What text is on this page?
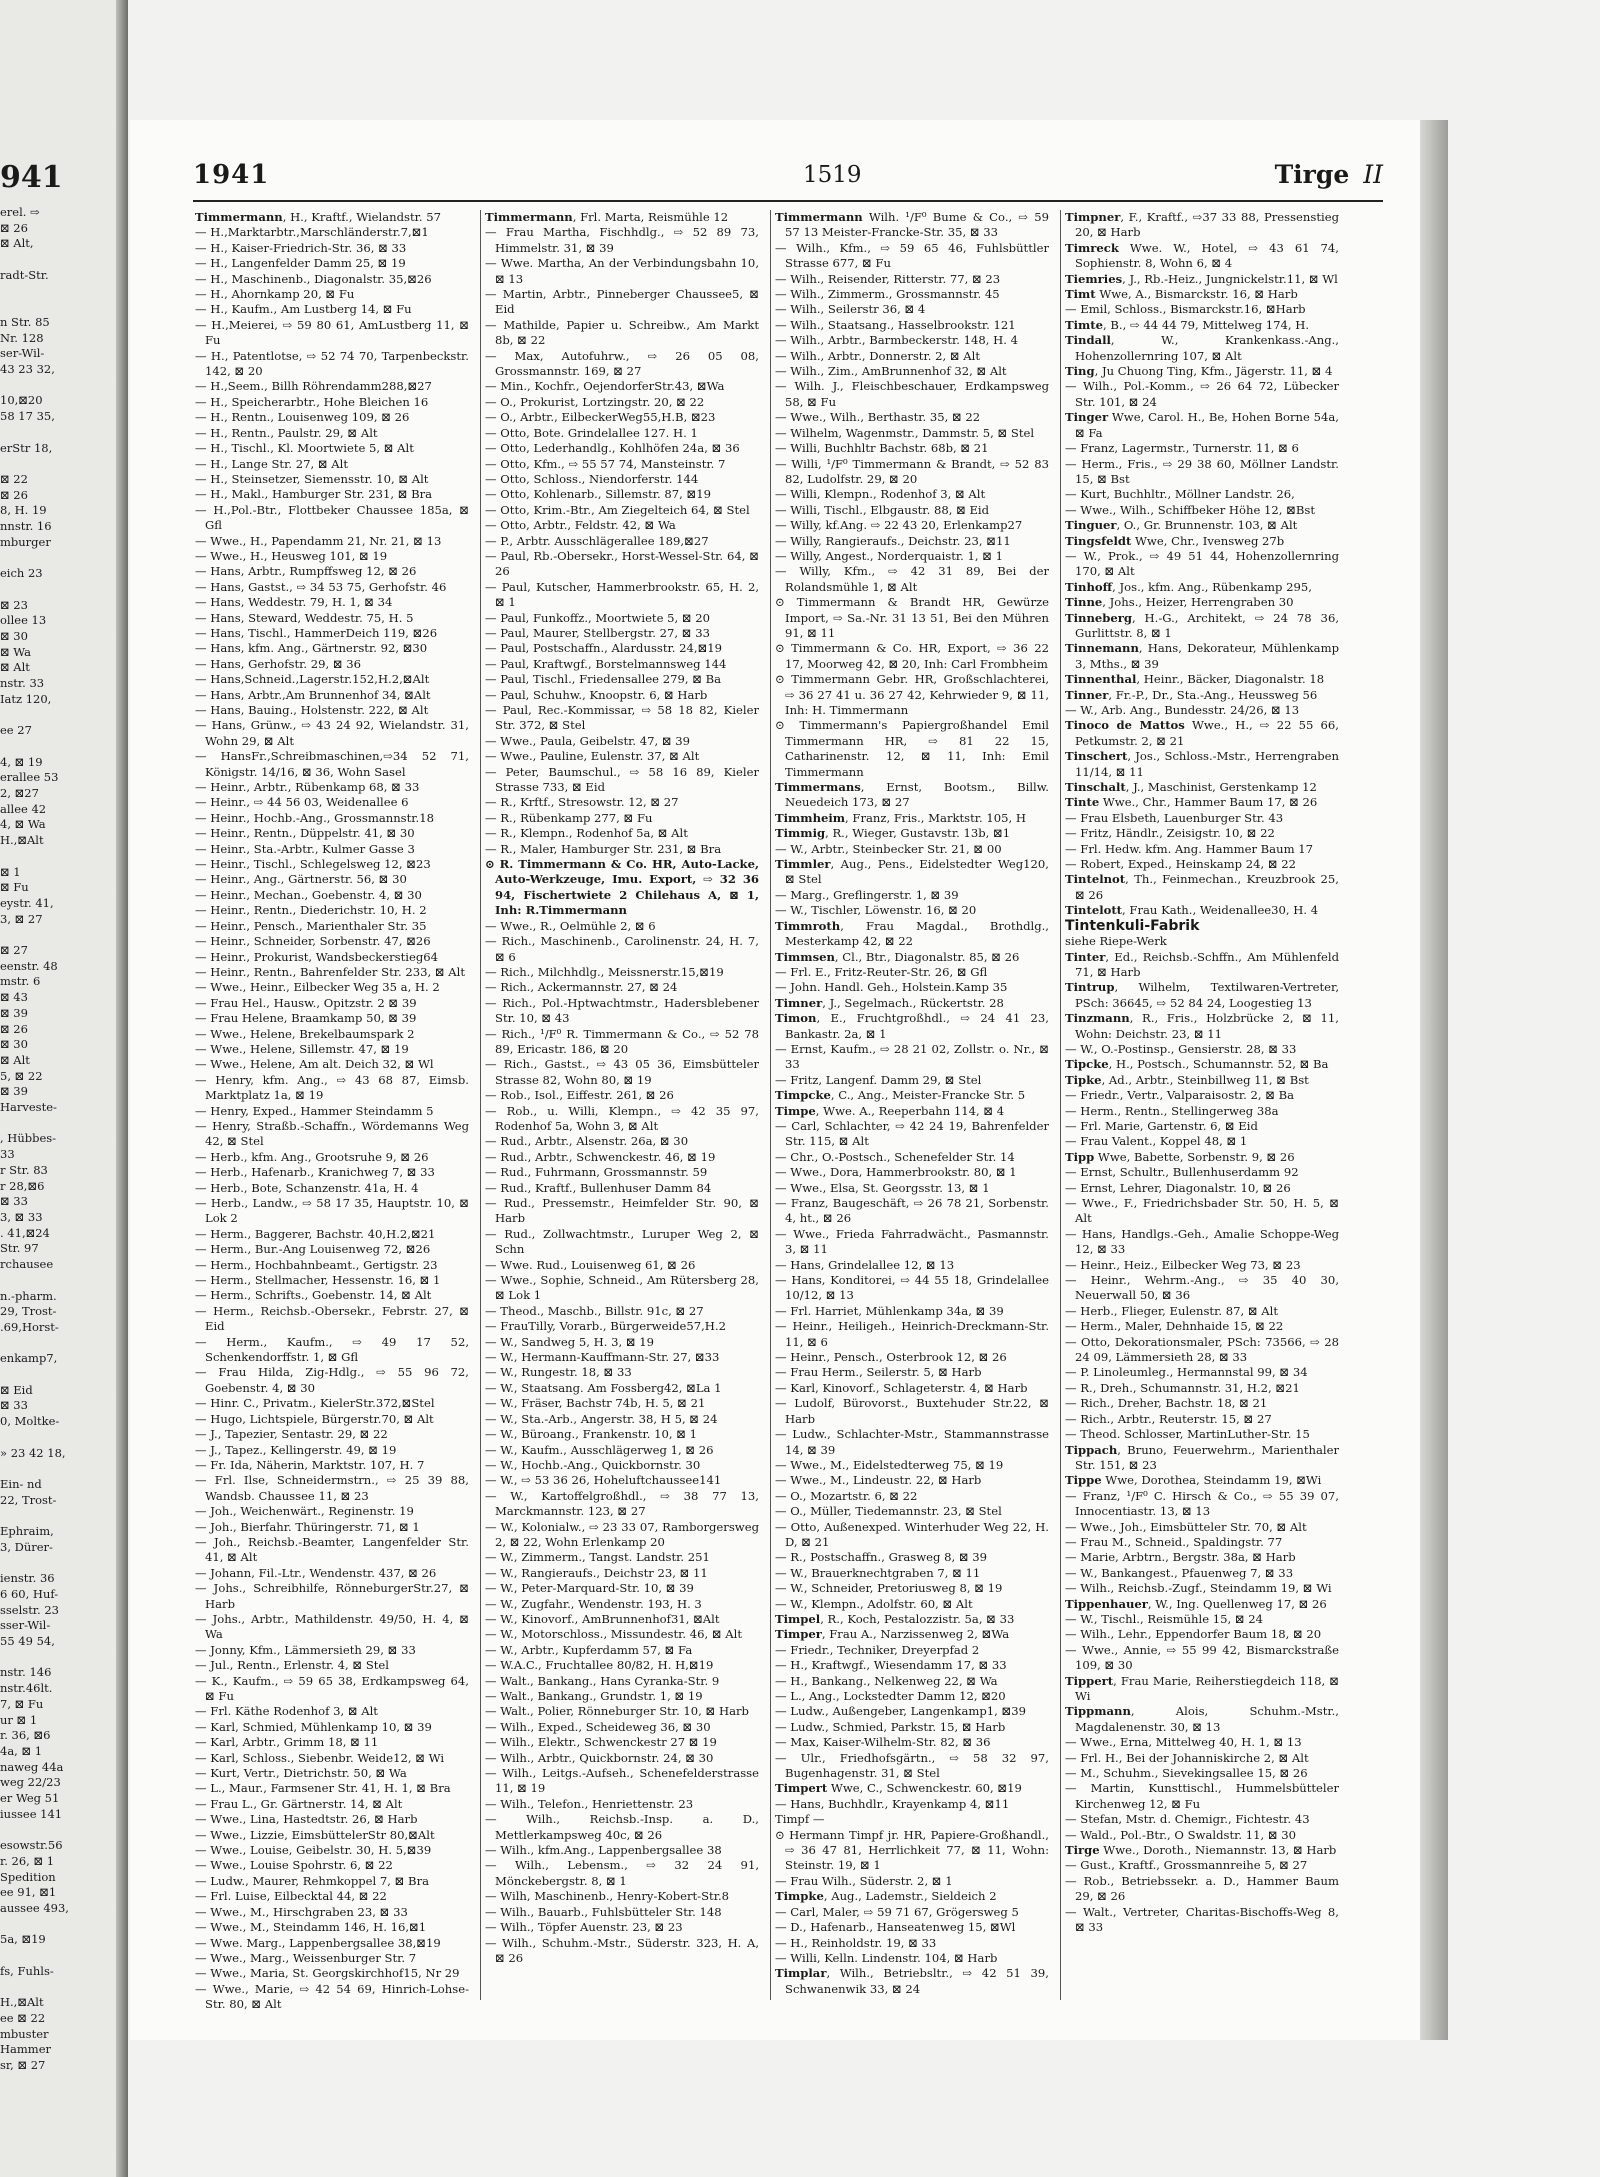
941
erel. ⇨
⊠ 26
⊠ Alt,

radt-Str.

n Str. 85
Nr. 128
ser-Wil-
43 23 32,

10,⊠20
58 17 35,

erStr 18,

⊠ 22
⊠ 26
8, H. 19
nnstr. 16
mburger

eich 23

⊠ 23
ollee 13
⊠ 30
⊠ Wa
⊠ Alt
nstr. 33
Iatz 120,

ee 27

4, ⊠ 19
erallee 53
2, ⊠27
allee 42
4, ⊠ Wa
H.,⊠Alt

⊠ 1
⊠ Fu
eystr. 41,
3, ⊠ 27

⊠ 27
eenstr. 48
mstr. 6
⊠ 43
⊠ 39
⊠ 26
⊠ 30
⊠ Alt
5, ⊠ 22
⊠ 39
Harveste-

, Hübbes-
33
r Str. 83
r 28,⊠6
⊠ 33
3, ⊠ 33
. 41,⊠24
Str. 97
rchausee

n.-pharm.
29, Trost-
.69,Horst-

enkamp7,

⊠ Eid
⊠ 33
0, Moltke-

» 23 42 18,

Ein- nd
22, Trost-

Ephraim,
3, Dürer-

ienstr. 36
6 60, Huf-
sselstr. 23
sser-Wil-
55 49 54,

nstr. 146
nstr.46lt.
7, ⊠ Fu
ur ⊠ 1
r. 36, ⊠6
4a, ⊠ 1
naweg 44a
weg 22/23
er Weg 51
iussee 141

esowstr.56
r. 26, ⊠ 1
Spedition
ee 91, ⊠1
aussee 493,

5a, ⊠19

fs, Fuhls-

H.,⊠Alt
ee ⊠ 22
mbuster
Hammer
sr, ⊠ 27
1941	1519	Tirge II

Timmermann, H., Kraftf., Wielandstr. 57

— H.,Marktarbtr.,Marschländerstr.7,⊠1

— H., Kaiser-Friedrich-Str. 36, ⊠ 33

— H., Langenfelder Damm 25, ⊠ 19

— H., Maschinenb., Diagonalstr. 35,⊠26

— H., Ahornkamp 20, ⊠ Fu

— H., Kaufm., Am Lustberg 14, ⊠ Fu

— H.,Meierei, ⇨ 59 80 61, AmLustberg 11, ⊠ Fu

— H., Patentlotse, ⇨ 52 74 70, Tarpenbeckstr. 142, ⊠ 20

— H.,Seem., Billh Röhrendamm288,⊠27

— H., Speicherarbtr., Hohe Bleichen 16

— H., Rentn., Louisenweg 109, ⊠ 26

— H., Rentn., Paulstr. 29, ⊠ Alt

— H., Tischl., Kl. Moortwiete 5, ⊠ Alt

— H., Lange Str. 27, ⊠ Alt

— H., Steinsetzer, Siemensstr. 10, ⊠ Alt

— H., Makl., Hamburger Str. 231, ⊠ Bra

— H.,Pol.-Btr., Flottbeker Chaussee 185a, ⊠ Gfl

— Wwe., H., Papendamm 21, Nr. 21, ⊠ 13

— Wwe., H., Heusweg 101, ⊠ 19

— Hans, Arbtr., Rumpffsweg 12, ⊠ 26

— Hans, Gastst., ⇨ 34 53 75, Gerhofstr. 46

— Hans, Weddestr. 79, H. 1, ⊠ 34

— Hans, Steward, Weddestr. 75, H. 5

— Hans, Tischl., HammerDeich 119, ⊠26

— Hans, kfm. Ang., Gärtnerstr. 92, ⊠30

— Hans, Gerhofstr. 29, ⊠ 36

— Hans,Schneid.,Lagerstr.152,H.2,⊠Alt

— Hans, Arbtr.,Am Brunnenhof 34, ⊠Alt

— Hans, Bauing., Holstenstr. 222, ⊠ Alt

— Hans, Grünw., ⇨ 43 24 92, Wielandstr. 31, Wohn 29, ⊠ Alt

— HansFr.,Schreibmaschinen,⇨34 52 71, Königstr. 14/16, ⊠ 36, Wohn Sasel

— Heinr., Arbtr., Rübenkamp 68, ⊠ 33

— Heinr., ⇨ 44 56 03, Weidenallee 6

— Heinr., Hochb.-Ang., Grossmannstr.18

— Heinr., Rentn., Düppelstr. 41, ⊠ 30

— Heinr., Sta.-Arbtr., Kulmer Gasse 3

— Heinr., Tischl., Schlegelsweg 12, ⊠23

— Heinr., Ang., Gärtnerstr. 56, ⊠ 30

— Heinr., Mechan., Goebenstr. 4, ⊠ 30

— Heinr., Rentn., Diederichstr. 10, H. 2

— Heinr., Pensch., Marienthaler Str. 35

— Heinr., Schneider, Sorbenstr. 47, ⊠26

— Heinr., Prokurist, Wandsbeckerstieg64

— Heinr., Rentn., Bahrenfelder Str. 233, ⊠ Alt

— Wwe., Heinr., Eilbecker Weg 35 a, H. 2

— Frau Hel., Hausw., Opitzstr. 2 ⊠ 39

— Frau Helene, Braamkamp 50, ⊠ 39

— Wwe., Helene, Brekelbaumspark 2

— Wwe., Helene, Sillemstr. 47, ⊠ 19

— Wwe., Helene, Am alt. Deich 32, ⊠ Wl

— Henry, kfm. Ang., ⇨ 43 68 87, Eimsb. Marktplatz 1a, ⊠ 19

— Henry, Exped., Hammer Steindamm 5

— Henry, Straßb.-Schaffn., Wördemanns Weg 42, ⊠ Stel

— Herb., kfm. Ang., Grootsruhe 9, ⊠ 26

— Herb., Hafenarb., Kranichweg 7, ⊠ 33

— Herb., Bote, Schanzenstr. 41a, H. 4

— Herb., Landw., ⇨ 58 17 35, Hauptstr. 10, ⊠ Lok 2

— Herm., Baggerer, Bachstr. 40,H.2,⊠21

— Herm., Bur.-Ang Louisenweg 72, ⊠26

— Herm., Hochbahnbeamt., Gertigstr. 23

— Herm., Stellmacher, Hessenstr. 16, ⊠ 1

— Herm., Schrifts., Goebenstr. 14, ⊠ Alt

— Herm., Reichsb.-Obersekr., Febrstr. 27, ⊠ Eid

— Herm., Kaufm., ⇨ 49 17 52, Schenkendorffstr. 1, ⊠ Gfl

— Frau Hilda, Zig-Hdlg., ⇨ 55 96 72, Goebenstr. 4, ⊠ 30

— Hinr. C., Privatm., KielerStr.372,⊠Stel

— Hugo, Lichtspiele, Bürgerstr.70, ⊠ Alt

— J., Tapezier, Sentastr. 29, ⊠ 22

— J., Tapez., Kellingerstr. 49, ⊠ 19

— Fr. Ida, Näherin, Marktstr. 107, H. 7

— Frl. Ilse, Schneidermstrn., ⇨ 25 39 88, Wandsb. Chaussee 11, ⊠ 23

— Joh., Weichenwärt., Reginenstr. 19

— Joh., Bierfahr. Thüringerstr. 71, ⊠ 1

— Joh., Reichsb.-Beamter, Langenfelder Str. 41, ⊠ Alt

— Johann, Fil.-Ltr., Wendenstr. 437, ⊠ 26

— Johs., Schreibhilfe, RönneburgerStr.27, ⊠ Harb

— Johs., Arbtr., Mathildenstr. 49/50, H. 4, ⊠ Wa

— Jonny, Kfm., Lämmersieth 29, ⊠ 33

— Jul., Rentn., Erlenstr. 4, ⊠ Stel

— K., Kaufm., ⇨ 59 65 38, Erdkampsweg 64, ⊠ Fu

— Frl. Käthe Rodenhof 3, ⊠ Alt

— Karl, Schmied, Mühlenkamp 10, ⊠ 39

— Karl, Arbtr., Grimm 18, ⊠ 11

— Karl, Schloss., Siebenbr. Weide12, ⊠ Wi

— Kurt, Vertr., Dietrichstr. 50, ⊠ Wa

— L., Maur., Farmsener Str. 41, H. 1, ⊠ Bra

— Frau L., Gr. Gärtnerstr. 14, ⊠ Alt

— Wwe., Lina, Hastedtstr. 26, ⊠ Harb

— Wwe., Lizzie, EimsbüttelerStr 80,⊠Alt

— Wwe., Louise, Geibelstr. 30, H. 5,⊠39

— Wwe., Louise Spohrstr. 6, ⊠ 22

— Ludw., Maurer, Rehmkoppel 7, ⊠ Bra

— Frl. Luise, Eilbecktal 44, ⊠ 22

— Wwe., M., Hirschgraben 23, ⊠ 33

— Wwe., M., Steindamm 146, H. 16,⊠1

— Wwe. Marg., Lappenbergsallee 38,⊠19

— Wwe., Marg., Weissenburger Str. 7

— Wwe., Maria, St. Georgskirchhof15, Nr 29

— Wwe., Marie, ⇨ 42 54 69, Hinrich-Lohse-Str. 80, ⊠ Alt

Timmermann, Frl. Marta, Reismühle 12

— Frau Martha, Fischhdlg., ⇨ 52 89 73, Himmelstr. 31, ⊠ 39

— Wwe. Martha, An der Verbindungsbahn 10, ⊠ 13

— Martin, Arbtr., Pinneberger Chaussee5, ⊠ Eid

— Mathilde, Papier u. Schreibw., Am Markt 8b, ⊠ 22

— Max, Autofuhrw., ⇨ 26 05 08, Grossmannstr. 169, ⊠ 27

— Min., Kochfr., OejendorferStr.43, ⊠Wa

— O., Prokurist, Lortzingstr. 20, ⊠ 22

— O., Arbtr., EilbeckerWeg55,H.B, ⊠23

— Otto, Bote. Grindelallee 127. H. 1

— Otto, Lederhandlg., Kohlhöfen 24a, ⊠ 36

— Otto, Kfm., ⇨ 55 57 74, Mansteinstr. 7

— Otto, Schloss., Niendorferstr. 144

— Otto, Kohlenarb., Sillemstr. 87, ⊠19

— Otto, Krim.-Btr., Am Ziegelteich 64, ⊠ Stel

— Otto, Arbtr., Feldstr. 42, ⊠ Wa

— P., Arbtr. Ausschlägerallee 189,⊠27

— Paul, Rb.-Obersekr., Horst-Wessel-Str. 64, ⊠ 26

— Paul, Kutscher, Hammerbrookstr. 65, H. 2, ⊠ 1

— Paul, Funkoffz., Moortwiete 5, ⊠ 20

— Paul, Maurer, Stellbergstr. 27, ⊠ 33

— Paul, Postschaffn., Alardusstr. 24,⊠19

— Paul, Kraftwgf., Borstelmannsweg 144

— Paul, Tischl., Friedensallee 279, ⊠ Ba

— Paul, Schuhw., Knoopstr. 6, ⊠ Harb

— Paul, Rec.-Kommissar, ⇨ 58 18 82, Kieler Str. 372, ⊠ Stel

— Wwe., Paula, Geibelstr. 47, ⊠ 39

— Wwe., Pauline, Eulenstr. 37, ⊠ Alt

— Peter, Baumschul., ⇨ 58 16 89, Kieler Strasse 733, ⊠ Eid

— R., Krftf., Stresowstr. 12, ⊠ 27

— R., Rübenkamp 277, ⊠ Fu

— R., Klempn., Rodenhof 5a, ⊠ Alt

— R., Maler, Hamburger Str. 231, ⊠ Bra

⊙ R. Timmermann & Co. HR, Auto-Lacke, Auto-Werkzeuge, Imu. Export, ⇨ 32 36 94, Fischertwiete 2 Chilehaus A, ⊠ 1, Inh: R.Timmermann

— Wwe., R., Oelmühle 2, ⊠ 6

— Rich., Maschinenb., Carolinenstr. 24, H. 7, ⊠ 6

— Rich., Milchhdlg., Meissnerstr.15,⊠19

— Rich., Ackermannstr. 27, ⊠ 24

— Rich., Pol.-Hptwachtmstr., Hadersblebener Str. 10, ⊠ 43

— Rich., ¹/F⁰ R. Timmermann & Co., ⇨ 52 78 89, Ericastr. 186, ⊠ 20

— Rich., Gastst., ⇨ 43 05 36, Eimsbütteler Strasse 82, Wohn 80, ⊠ 19

— Rob., Isol., Eiffestr. 261, ⊠ 26

— Rob., u. Willi, Klempn., ⇨ 42 35 97, Rodenhof 5a, Wohn 3, ⊠ Alt

— Rud., Arbtr., Alsenstr. 26a, ⊠ 30

— Rud., Arbtr., Schwenckestr. 46, ⊠ 19

— Rud., Fuhrmann, Grossmannstr. 59

— Rud., Kraftf., Bullenhuser Damm 84

— Rud., Pressemstr., Heimfelder Str. 90, ⊠ Harb

— Rud., Zollwachtmstr., Luruper Weg 2, ⊠ Schn

— Wwe. Rud., Louisenweg 61, ⊠ 26

— Wwe., Sophie, Schneid., Am Rütersberg 28, ⊠ Lok 1

— Theod., Maschb., Billstr. 91c, ⊠ 27

— FrauTilly, Vorarb., Bürgerweide57,H.2

— W., Sandweg 5, H. 3, ⊠ 19

— W., Hermann-Kauffmann-Str. 27, ⊠33

— W., Rungestr. 18, ⊠ 33

— W., Staatsang. Am Fossberg42, ⊠La 1

— W., Fräser, Bachstr 74b, H. 5, ⊠ 21

— W., Sta.-Arb., Angerstr. 38, H 5, ⊠ 24

— W., Büroang., Frankenstr. 10, ⊠ 1

— W., Kaufm., Ausschlägerweg 1, ⊠ 26

— W., Hochb.-Ang., Quickbornstr. 30

— W., ⇨ 53 36 26, Hoheluftchaussee141

— W., Kartoffelgroßhdl., ⇨ 38 77 13, Marckmannstr. 123, ⊠ 27

— W., Kolonialw., ⇨ 23 33 07, Ramborgersweg 2, ⊠ 22, Wohn Erlenkamp 20

— W., Zimmerm., Tangst. Landstr. 251

— W., Rangieraufs., Deichstr 23, ⊠ 11

— W., Peter-Marquard-Str. 10, ⊠ 39

— W., Zugfahr., Wendenstr. 193, H. 3

— W., Kinovorf., AmBrunnenhof31, ⊠Alt

— W., Motorschloss., Missundestr. 46, ⊠ Alt

— W., Arbtr., Kupferdamm 57, ⊠ Fa

— W.A.C., Fruchtallee 80/82, H. H,⊠19

— Walt., Bankang., Hans Cyranka-Str. 9

— Walt., Bankang., Grundstr. 1, ⊠ 19

— Walt., Polier, Rönneburger Str. 10, ⊠ Harb

— Wilh., Exped., Scheideweg 36, ⊠ 30

— Wilh., Elektr., Schwenckestr 27 ⊠ 19

— Wilh., Arbtr., Quickbornstr. 24, ⊠ 30

— Wilh., Leitgs.-Aufseh., Schenefelderstrasse 11, ⊠ 19

— Wilh., Telefon., Henriettenstr. 23

— Wilh., Reichsb.-Insp. a. D., Mettlerkampsweg 40c, ⊠ 26

— Wilh., kfm.Ang., Lappenbergsallee 38

— Wilh., Lebensm., ⇨ 32 24 91, Mönckebergstr. 8, ⊠ 1

— Wilh, Maschinenb., Henry-Kobert-Str.8

— Wilh., Bauarb., Fuhlsbütteler Str. 148

— Wilh., Töpfer Auenstr. 23, ⊠ 23

— Wilh., Schuhm.-Mstr., Süderstr. 323, H. A, ⊠ 26

Timmermann Wilh. ¹/F⁰ Bume & Co., ⇨ 59 57 13 Meister-Francke-Str. 35, ⊠ 33

— Wilh., Kfm., ⇨ 59 65 46, Fuhlsbüttler Strasse 677, ⊠ Fu

— Wilh., Reisender, Ritterstr. 77, ⊠ 23

— Wilh., Zimmerm., Grossmannstr. 45

— Wilh., Seilerstr 36, ⊠ 4

— Wilh., Staatsang., Hasselbrookstr. 121

— Wilh., Arbtr., Barmbeckerstr. 148, H. 4

— Wilh., Arbtr., Donnerstr. 2, ⊠ Alt

— Wilh., Zim., AmBrunnenhof 32, ⊠ Alt

— Wilh. J., Fleischbeschauer, Erdkampsweg 58, ⊠ Fu

— Wwe., Wilh., Berthastr. 35, ⊠ 22

— Wilhelm, Wagenmstr., Dammstr. 5, ⊠ Stel

— Willi, Buchhltr Bachstr. 68b, ⊠ 21

— Willi, ¹/F⁰ Timmermann & Brandt, ⇨ 52 83 82, Ludolfstr. 29, ⊠ 20

— Willi, Klempn., Rodenhof 3, ⊠ Alt

— Willi, Tischl., Elbgaustr. 88, ⊠ Eid

— Willy, kf.Ang. ⇨ 22 43 20, Erlenkamp27

— Willy, Rangieraufs., Deichstr. 23, ⊠11

— Willy, Angest., Norderquaistr. 1, ⊠ 1

— Willy, Kfm., ⇨ 42 31 89, Bei der Rolandsmühle 1, ⊠ Alt

⊙ Timmermann & Brandt HR, Gewürze Import, ⇨ Sa.-Nr. 31 13 51, Bei den Mühren 91, ⊠ 11

⊙ Timmermann & Co. HR, Export, ⇨ 36 22 17, Moorweg 42, ⊠ 20, Inh: Carl Frombheim

⊙ Timmermann Gebr. HR, Großschlachterei, ⇨ 36 27 41 u. 36 27 42, Kehrwieder 9, ⊠ 11, Inh: H. Timmermann

⊙ Timmermann's Papiergroßhandel Emil Timmermann HR, ⇨ 81 22 15, Catharinenstr. 12, ⊠ 11, Inh: Emil Timmermann

Timmermans, Ernst, Bootsm., Billw. Neuedeich 173, ⊠ 27

Timmheim, Franz, Fris., Marktstr. 105, H

Timmig, R., Wieger, Gustavstr. 13b, ⊠1

— W., Arbtr., Steinbecker Str. 21, ⊠ 00

Timmler, Aug., Pens., Eidelstedter Weg120, ⊠ Stel

— Marg., Greflingerstr. 1, ⊠ 39

— W., Tischler, Löwenstr. 16, ⊠ 20

Timmroth, Frau Magdal., Brothdlg., Mesterkamp 42, ⊠ 22

Timmsen, Cl., Btr., Diagonalstr. 85, ⊠ 26

— Frl. E., Fritz-Reuter-Str. 26, ⊠ Gfl

— John. Handl. Geh., Holstein.Kamp 35

Timner, J., Segelmach., Rückertstr. 28

Timon, E., Fruchtgroßhdl., ⇨ 24 41 23, Bankastr. 2a, ⊠ 1

— Ernst, Kaufm., ⇨ 28 21 02, Zollstr. o. Nr., ⊠ 33

— Fritz, Langenf. Damm 29, ⊠ Stel

Timpcke, C., Ang., Meister-Francke Str. 5

Timpe, Wwe. A., Reeperbahn 114, ⊠ 4

— Carl, Schlachter, ⇨ 42 24 19, Bahrenfelder Str. 115, ⊠ Alt

— Chr., O.-Postsch., Schenefelder Str. 14

— Wwe., Dora, Hammerbrookstr. 80, ⊠ 1

— Wwe., Elsa, St. Georgsstr. 13, ⊠ 1

— Franz, Baugeschäft, ⇨ 26 78 21, Sorbenstr. 4, ht., ⊠ 26

— Wwe., Frieda Fahrradwächt., Pasmannstr. 3, ⊠ 11

— Hans, Grindelallee 12, ⊠ 13

— Hans, Konditorei, ⇨ 44 55 18, Grindelallee 10/12, ⊠ 13

— Frl. Harriet, Mühlenkamp 34a, ⊠ 39

— Heinr., Heiligeh., Heinrich-Dreckmann-Str. 11, ⊠ 6

— Heinr., Pensch., Osterbrook 12, ⊠ 26

— Frau Herm., Seilerstr. 5, ⊠ Harb

— Karl, Kinovorf., Schlageterstr. 4, ⊠ Harb

— Ludolf, Bürovorst., Buxtehuder Str.22, ⊠ Harb

— Ludw., Schlachter-Mstr., Stammannstrasse 14, ⊠ 39

— Wwe., M., Eidelstedterweg 75, ⊠ 19

— Wwe., M., Lindeustr. 22, ⊠ Harb

— O., Mozartstr. 6, ⊠ 22

— O., Müller, Tiedemannstr. 23, ⊠ Stel

— Otto, Außenexped. Winterhuder Weg 22, H. D, ⊠ 21

— R., Postschaffn., Grasweg 8, ⊠ 39

— W., Brauerknechtgraben 7, ⊠ 11

— W., Schneider, Pretoriusweg 8, ⊠ 19

— W., Klempn., Adolfstr. 60, ⊠ Alt

Timpel, R., Koch, Pestalozzistr. 5a, ⊠ 33

Timper, Frau A., Narzissenweg 2, ⊠Wa

— Friedr., Techniker, Dreyerpfad 2

— H., Kraftwgf., Wiesendamm 17, ⊠ 33

— H., Bankang., Nelkenweg 22, ⊠ Wa

— L., Ang., Lockstedter Damm 12, ⊠20

— Ludw., Außengeber, Langenkamp1, ⊠39

— Ludw., Schmied, Parkstr. 15, ⊠ Harb

— Max, Kaiser-Wilhelm-Str. 82, ⊠ 36

— Ulr., Friedhofsgärtn., ⇨ 58 32 97, Bugenhagenstr. 31, ⊠ Stel

Timpert Wwe, C., Schwenckestr. 60, ⊠19

— Hans, Buchhdlr., Krayenkamp 4, ⊠11

Timpf —

⊙ Hermann Timpf jr. HR, Papiere-Großhandl., ⇨ 36 47 81, Herrlichkeit 77, ⊠ 11, Wohn: Steinstr. 19, ⊠ 1

— Frau Wilh., Süderstr. 2, ⊠ 1

Timpke, Aug., Lademstr., Sieldeich 2

— Carl, Maler, ⇨ 59 71 67, Grögersweg 5

— D., Hafenarb., Hanseatenweg 15, ⊠Wl

— H., Reinholdstr. 19, ⊠ 33

— Willi, Kelln. Lindenstr. 104, ⊠ Harb

Timplar, Wilh., Betriebsltr., ⇨ 42 51 39, Schwanenwik 33, ⊠ 24

Timpner, F., Kraftf., ⇨37 33 88, Pressenstieg 20, ⊠ Harb

Timreck Wwe. W., Hotel, ⇨ 43 61 74, Sophienstr. 8, Wohn 6, ⊠ 4

Tiemries, J., Rb.-Heiz., Jungnickelstr.11, ⊠ Wl

Timt Wwe, A., Bismarckstr. 16, ⊠ Harb

— Emil, Schloss., Bismarckstr.16, ⊠Harb

Timte, B., ⇨ 44 44 79, Mittelweg 174, H.

Tindall, W., Krankenkass.-Ang., Hohenzollernring 107, ⊠ Alt

Ting, Ju Chuong Ting, Kfm., Jägerstr. 11, ⊠ 4

— Wilh., Pol.-Komm., ⇨ 26 64 72, Lübecker Str. 101, ⊠ 24

Tinger Wwe, Carol. H., Be, Hohen Borne 54a, ⊠ Fa

— Franz, Lagermstr., Turnerstr. 11, ⊠ 6

— Herm., Fris., ⇨ 29 38 60, Möllner Landstr. 15, ⊠ Bst

— Kurt, Buchhltr., Möllner Landstr. 26,

— Wwe., Wilh., Schiffbeker Höhe 12, ⊠Bst

Tinguer, O., Gr. Brunnenstr. 103, ⊠ Alt

Tingsfeldt Wwe, Chr., Ivensweg 27b

— W., Prok., ⇨ 49 51 44, Hohenzollernring 170, ⊠ Alt

Tinhoff, Jos., kfm. Ang., Rübenkamp 295,

Tinne, Johs., Heizer, Herrengraben 30

Tinneberg, H.-G., Architekt, ⇨ 24 78 36, Gurlittstr. 8, ⊠ 1

Tinnemann, Hans, Dekorateur, Mühlenkamp 3, Mths., ⊠ 39

Tinnenthal, Heinr., Bäcker, Diagonalstr. 18

Tinner, Fr.-P., Dr., Sta.-Ang., Heussweg 56

— W., Arb. Ang., Bundesstr. 24/26, ⊠ 13

Tinoco de Mattos Wwe., H., ⇨ 22 55 66, Petkumstr. 2, ⊠ 21

Tinschert, Jos., Schloss.-Mstr., Herrengraben 11/14, ⊠ 11

Tinschalt, J., Maschinist, Gerstenkamp 12

Tinte Wwe., Chr., Hammer Baum 17, ⊠ 26

— Frau Elsbeth, Lauenburger Str. 43

— Fritz, Händlr., Zeisigstr. 10, ⊠ 22

— Frl. Hedw. kfm. Ang. Hammer Baum 17

— Robert, Exped., Heinskamp 24, ⊠ 22

Tintelnot, Th., Feinmechan., Kreuzbrook 25, ⊠ 26

Tintelott, Frau Kath., Weidenallee30, H. 4

Tintenkuli-Fabrik

siehe Riepe-Werk

Tinter, Ed., Reichsb.-Schffn., Am Mühlenfeld 71, ⊠ Harb

Tintrup, Wilhelm, Textilwaren-Vertreter, PSch: 36645, ⇨ 52 84 24, Loogestieg 13

Tinzmann, R., Fris., Holzbrücke 2, ⊠ 11, Wohn: Deichstr. 23, ⊠ 11

— W., O.-Postinsp., Gensierstr. 28, ⊠ 33

Tipcke, H., Postsch., Schumannstr. 52, ⊠ Ba

Tipke, Ad., Arbtr., Steinbillweg 11, ⊠ Bst

— Friedr., Vertr., Valparaisostr. 2, ⊠ Ba

— Herm., Rentn., Stellingerweg 38a

— Frl. Marie, Gartenstr. 6, ⊠ Eid

— Frau Valent., Koppel 48, ⊠ 1

Tipp Wwe, Babette, Sorbenstr. 9, ⊠ 26

— Ernst, Schultr., Bullenhuserdamm 92

— Ernst, Lehrer, Diagonalstr. 10, ⊠ 26

— Wwe., F., Friedrichsbader Str. 50, H. 5, ⊠ Alt

— Hans, Handlgs.-Geh., Amalie Schoppe-Weg 12, ⊠ 33

— Heinr., Heiz., Eilbecker Weg 73, ⊠ 23

— Heinr., Wehrm.-Ang., ⇨ 35 40 30, Neuerwall 50, ⊠ 36

— Herb., Flieger, Eulenstr. 87, ⊠ Alt

— Herm., Maler, Dehnhaide 15, ⊠ 22

— Otto, Dekorationsmaler, PSch: 73566, ⇨ 28 24 09, Lämmersieth 28, ⊠ 33

— P. Linoleumleg., Hermannstal 99, ⊠ 34

— R., Dreh., Schumannstr. 31, H.2, ⊠21

— Rich., Dreher, Bachstr. 18, ⊠ 21

— Rich., Arbtr., Reuterstr. 15, ⊠ 27

— Theod. Schlosser, MartinLuther-Str. 15

Tippach, Bruno, Feuerwehrm., Marienthaler Str. 151, ⊠ 23

Tippe Wwe, Dorothea, Steindamm 19, ⊠Wi

— Franz, ¹/F⁰ C. Hirsch & Co., ⇨ 55 39 07, Innocentiastr. 13, ⊠ 13

— Wwe., Joh., Eimsbütteler Str. 70, ⊠ Alt

— Frau M., Schneid., Spaldingstr. 77

— Marie, Arbtrn., Bergstr. 38a, ⊠ Harb

— W., Bankangest., Pfauenweg 7, ⊠ 33

— Wilh., Reichsb.-Zugf., Steindamm 19, ⊠ Wi

Tippenhauer, W., Ing. Quellenweg 17, ⊠ 26

— W., Tischl., Reismühle 15, ⊠ 24

— Wilh., Lehr., Eppendorfer Baum 18, ⊠ 20

— Wwe., Annie, ⇨ 55 99 42, Bismarckstraße 109, ⊠ 30

Tippert, Frau Marie, Reiherstiegdeich 118, ⊠ Wi

Tippmann, Alois, Schuhm.-Mstr., Magdalenenstr. 30, ⊠ 13

— Wwe., Erna, Mittelweg 40, H. 1, ⊠ 13

— Frl. H., Bei der Johanniskirche 2, ⊠ Alt

— M., Schuhm., Sievekingsallee 15, ⊠ 26

— Martin, Kunsttischl., Hummelsbütteler Kirchenweg 12, ⊠ Fu

— Stefan, Mstr. d. Chemigr., Fichtestr. 43

— Wald., Pol.-Btr., O Swaldstr. 11, ⊠ 30

Tirge Wwe., Doroth., Niemannstr. 13, ⊠ Harb

— Gust., Kraftf., Grossmannreihe 5, ⊠ 27

— Rob., Betriebssekr. a. D., Hammer Baum 29, ⊠ 26

— Walt., Vertreter, Charitas-Bischoffs-Weg 8, ⊠ 33
